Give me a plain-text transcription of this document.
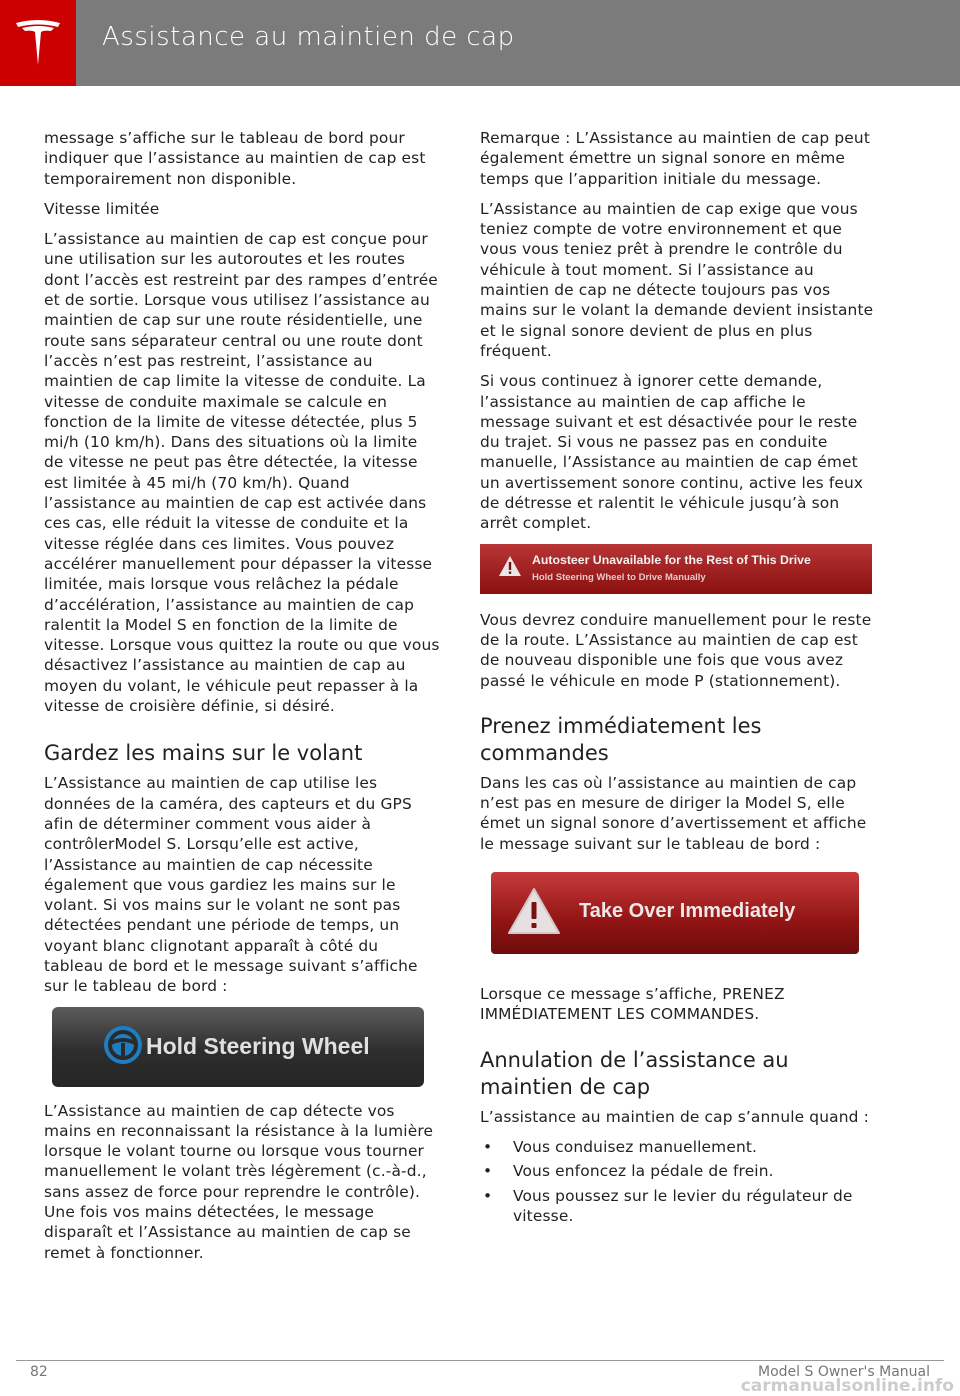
Assistance au maintien de cap

message s’affiche sur le tableau de bord pour indiquer que l’assistance au maintien de cap est temporairement non disponible.

Vitesse limitée

L’assistance au maintien de cap est conçue pour une utilisation sur les autoroutes et les routes dont l’accès est restreint par des rampes d’entrée et de sortie. Lorsque vous utilisez l’assistance au maintien de cap sur une route résidentielle, une route sans séparateur central ou une route dont l’accès n’est pas restreint, l’assistance au maintien de cap limite la vitesse de conduite. La vitesse de conduite maximale se calcule en fonction de la limite de vitesse détectée, plus 5 mi/h (10 km/h). Dans des situations où la limite de vitesse ne peut pas être détectée, la vitesse est limitée à 45 mi/h (70 km/h). Quand l’assistance au maintien de cap est activée dans ces cas, elle réduit la vitesse de conduite et la vitesse réglée dans ces limites. Vous pouvez accélérer manuellement pour dépasser la vitesse limitée, mais lorsque vous relâchez la pédale d’accélération, l’assistance au maintien de cap ralentit la Model S en fonction de la limite de vitesse. Lorsque vous quittez la route ou que vous désactivez l’assistance au maintien de cap au moyen du volant, le véhicule peut repasser à la vitesse de croisière définie, si désiré.

Gardez les mains sur le volant

L’Assistance au maintien de cap utilise les données de la caméra, des capteurs et du GPS afin de déterminer comment vous aider à contrôlerModel S. Lorsqu’elle est active, l’Assistance au maintien de cap nécessite également que vous gardiez les mains sur le volant. Si vos mains sur le volant ne sont pas détectées pendant une période de temps, un voyant blanc clignotant apparaît à côté du tableau de bord et le message suivant s’affiche sur le tableau de bord :

Hold Steering Wheel

L’Assistance au maintien de cap détecte vos mains en reconnaissant la résistance à la lumière lorsque le volant tourne ou lorsque vous tourner manuellement le volant très légèrement (c.-à-d., sans assez de force pour reprendre le contrôle). Une fois vos mains détectées, le message disparaît et l’Assistance au maintien de cap se remet à fonctionner.

Remarque : L’Assistance au maintien de cap peut également émettre un signal sonore en même temps que l’apparition initiale du message.

L’Assistance au maintien de cap exige que vous teniez compte de votre environnement et que vous vous teniez prêt à prendre le contrôle du véhicule à tout moment. Si l’assistance au maintien de cap ne détecte toujours pas vos mains sur le volant la demande devient insistante et le signal sonore devient de plus en plus fréquent.

Si vous continuez à ignorer cette demande, l’assistance au maintien de cap affiche le message suivant et est désactivée pour le reste du trajet. Si vous ne passez pas en conduite manuelle, l’Assistance au maintien de cap émet un avertissement sonore continu, active les feux de détresse et ralentit le véhicule jusqu’à son arrêt complet.

Autosteer Unavailable for the Rest of This Drive
Hold Steering Wheel to Drive Manually

Vous devrez conduire manuellement pour le reste de la route. L’Assistance au maintien de cap est de nouveau disponible une fois que vous avez passé le véhicule en mode P (stationnement).

Prenez immédiatement les commandes

Dans les cas où l’assistance au maintien de cap n’est pas en mesure de diriger la Model S, elle émet un signal sonore d’avertissement et affiche le message suivant sur le tableau de bord :

Take Over Immediately

Lorsque ce message s’affiche, PRENEZ IMMÉDIATEMENT LES COMMANDES.

Annulation de l’assistance au maintien de cap

L’assistance au maintien de cap s’annule quand :

• Vous conduisez manuellement.
• Vous enfoncez la pédale de frein.
• Vous poussez sur le levier du régulateur de vitesse.
82	Model S Owner's Manual
carmanualsonline.info
